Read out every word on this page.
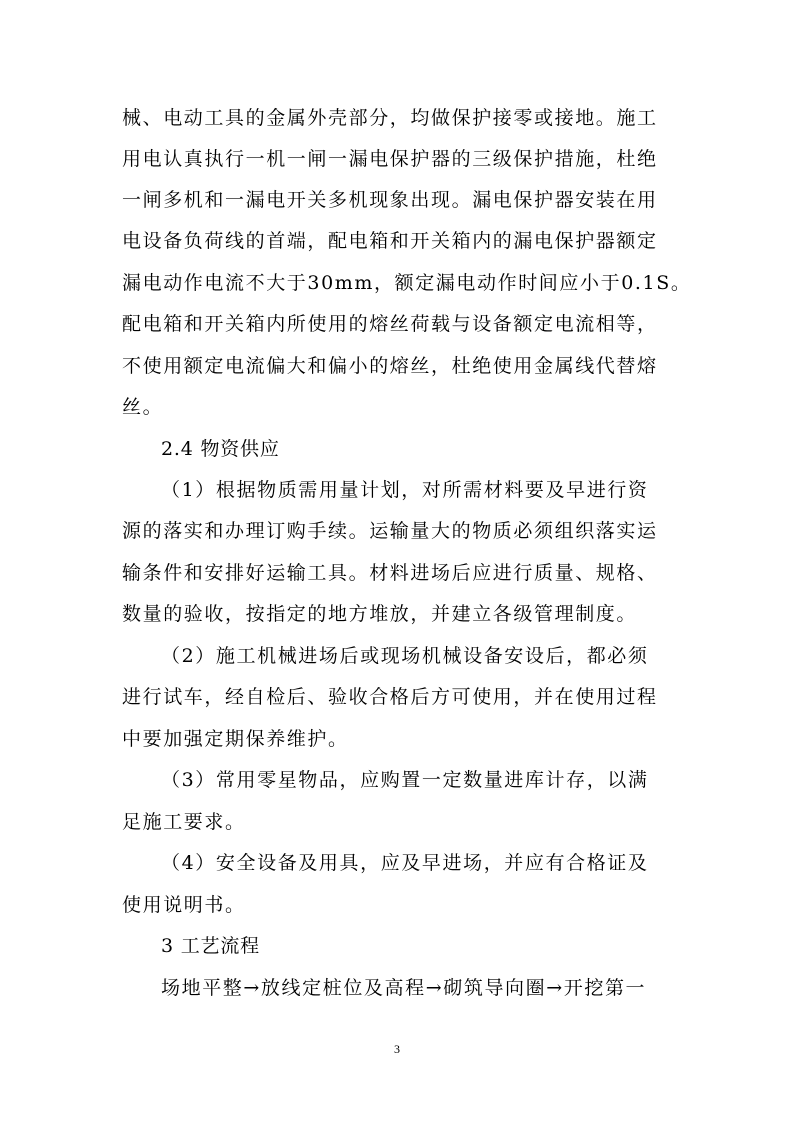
械、电动工具的金属外壳部分，均做保护接零或接地。施工
用电认真执行一机一闸一漏电保护器的三级保护措施，杜绝
一闸多机和一漏电开关多机现象出现。漏电保护器安装在用
电设备负荷线的首端，配电箱和开关箱内的漏电保护器额定
漏电动作电流不大于30mm，额定漏电动作时间应小于0.1S。
配电箱和开关箱内所使用的熔丝荷载与设备额定电流相等，
不使用额定电流偏大和偏小的熔丝，杜绝使用金属线代替熔
丝。
2.4 物资供应
（1）根据物质需用量计划，对所需材料要及早进行资
源的落实和办理订购手续。运输量大的物质必须组织落实运
输条件和安排好运输工具。材料进场后应进行质量、规格、
数量的验收，按指定的地方堆放，并建立各级管理制度。
（2）施工机械进场后或现场机械设备安设后，都必须
进行试车，经自检后、验收合格后方可使用，并在使用过程
中要加强定期保养维护。
（3）常用零星物品，应购置一定数量进库计存，以满
足施工要求。
（4）安全设备及用具，应及早进场，并应有合格证及
使用说明书。
3 工艺流程
场地平整→放线定桩位及高程→砌筑导向圈→开挖第一
3
